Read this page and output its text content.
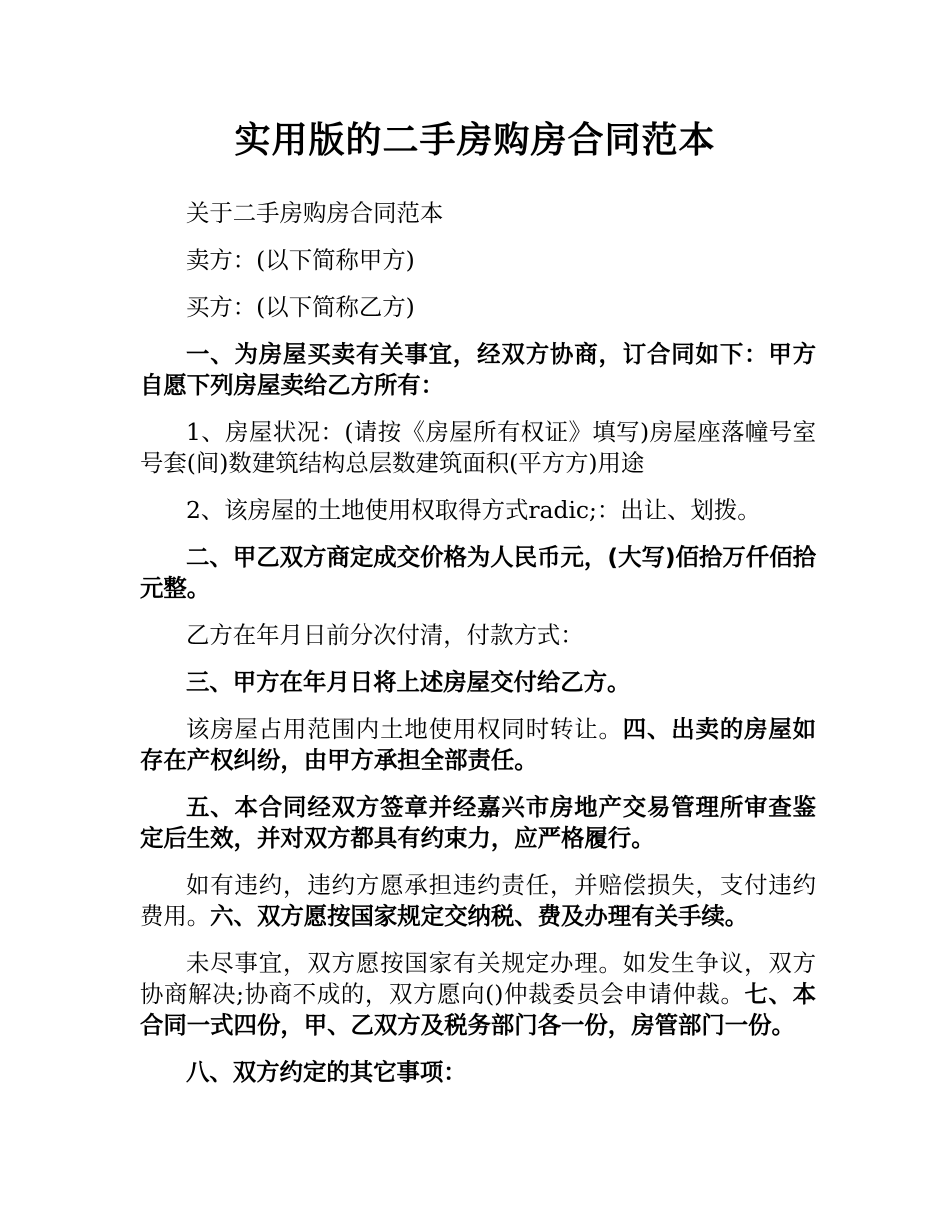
实用版的二手房购房合同范本

关于二手房购房合同范本

卖方：(以下简称甲方)

买方：(以下简称乙方)

一、为房屋买卖有关事宜，经双方协商，订合同如下：甲方自愿下列房屋卖给乙方所有：

1、房屋状况：(请按《房屋所有权证》填写)房屋座落幢号室号套(间)数建筑结构总层数建筑面积(平方方)用途

2、该房屋的土地使用权取得方式radic;：出让、划拨。

二、甲乙双方商定成交价格为人民币元，(大写)佰拾万仟佰拾元整。

乙方在年月日前分次付清，付款方式：

三、甲方在年月日将上述房屋交付给乙方。

该房屋占用范围内土地使用权同时转让。四、出卖的房屋如存在产权纠纷，由甲方承担全部责任。

五、本合同经双方签章并经嘉兴市房地产交易管理所审查鉴定后生效，并对双方都具有约束力，应严格履行。

如有违约，违约方愿承担违约责任，并赔偿损失，支付违约费用。六、双方愿按国家规定交纳税、费及办理有关手续。

未尽事宜，双方愿按国家有关规定办理。如发生争议，双方协商解决;协商不成的，双方愿向()仲裁委员会申请仲裁。七、本合同一式四份，甲、乙双方及税务部门各一份，房管部门一份。

八、双方约定的其它事项：
